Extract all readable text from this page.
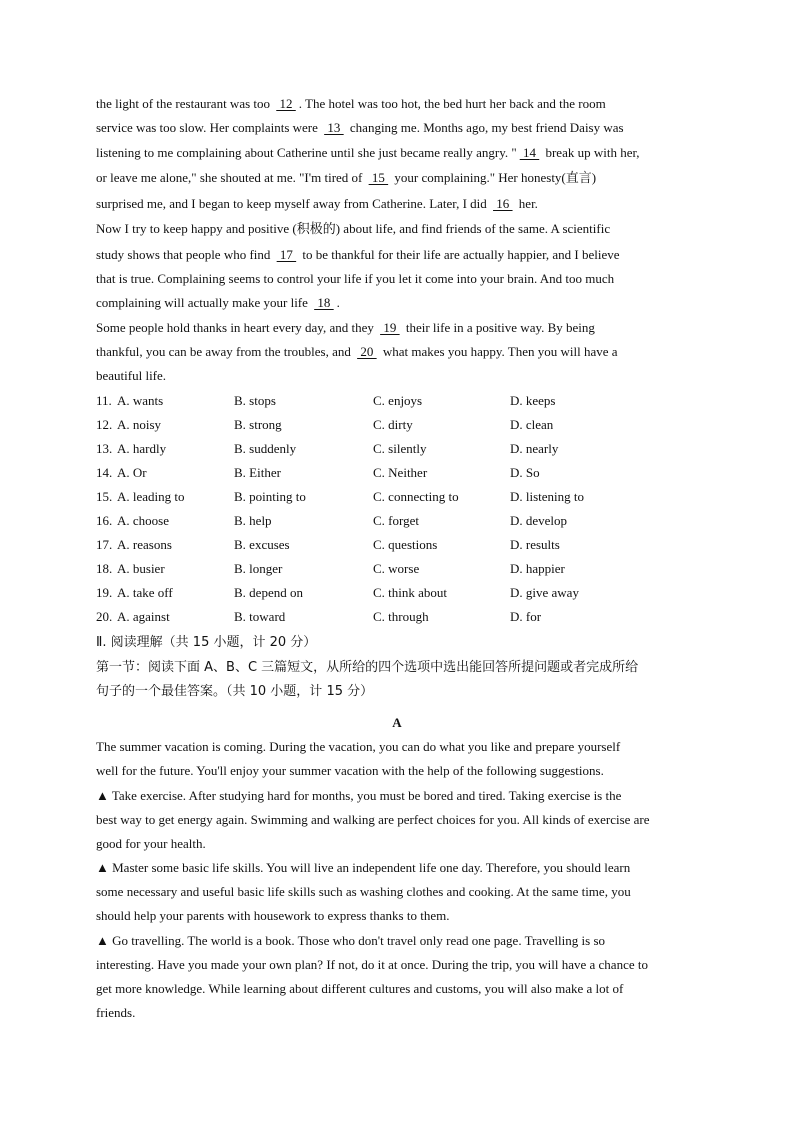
the light of the restaurant was too  12 . The hotel was too hot, the bed hurt her back and the room
service was too slow. Her complaints were  13  changing me. Months ago, my best friend Daisy was
listening to me complaining about Catherine until she just became really angry. " 14  break up with her,
or leave me alone," she shouted at me. "I'm tired of  15  your complaining." Her honesty(直言)
surprised me, and I began to keep myself away from Catherine. Later, I did  16  her.
Now I try to keep happy and positive (积极的) about life, and find friends of the same. A scientific
study shows that people who find  17  to be thankful for their life are actually happier, and I believe
that is true. Complaining seems to control your life if you let it come into your brain. And too much
complaining will actually make your life  18 .
Some people hold thanks in heart every day, and they  19  their life in a positive way. By being
thankful, you can be away from the troubles, and  20  what makes you happy. Then you will have a
beautiful life.
11. A. wants	B. stops	C. enjoys	D. keeps
12. A. noisy	B. strong	C. dirty	D. clean
13. A. hardly	B. suddenly	C. silently	D. nearly
14. A. Or	B. Either	C. Neither	D. So
15. A. leading to	B. pointing to	C. connecting to	D. listening to
16. A. choose	B. help	C. forget	D. develop
17. A. reasons	B. excuses	C. questions	D. results
18. A. busier	B. longer	C. worse	D. happier
19. A. take off	B. depend on	C. think about	D. give away
20. A. against	B. toward	C. through	D. for
Ⅱ. 阅读理解（共 15 小题，计 20 分）
第一节：阅读下面 A、B、C 三篇短文，从所给的四个选项中选出能回答所提问题或者完成所给
句子的一个最佳答案。（共 10 小题，计 15 分）
A
The summer vacation is coming. During the vacation, you can do what you like and prepare yourself
well for the future. You'll enjoy your summer vacation with the help of the following suggestions.
▲ Take exercise. After studying hard for months, you must be bored and tired. Taking exercise is the
best way to get energy again. Swimming and walking are perfect choices for you. All kinds of exercise are
good for your health.
▲ Master some basic life skills. You will live an independent life one day. Therefore, you should learn
some necessary and useful basic life skills such as washing clothes and cooking. At the same time, you
should help your parents with housework to express thanks to them.
▲ Go travelling. The world is a book. Those who don't travel only read one page. Travelling is so
interesting. Have you made your own plan? If not, do it at once. During the trip, you will have a chance to
get more knowledge. While learning about different cultures and customs, you will also make a lot of
friends.
